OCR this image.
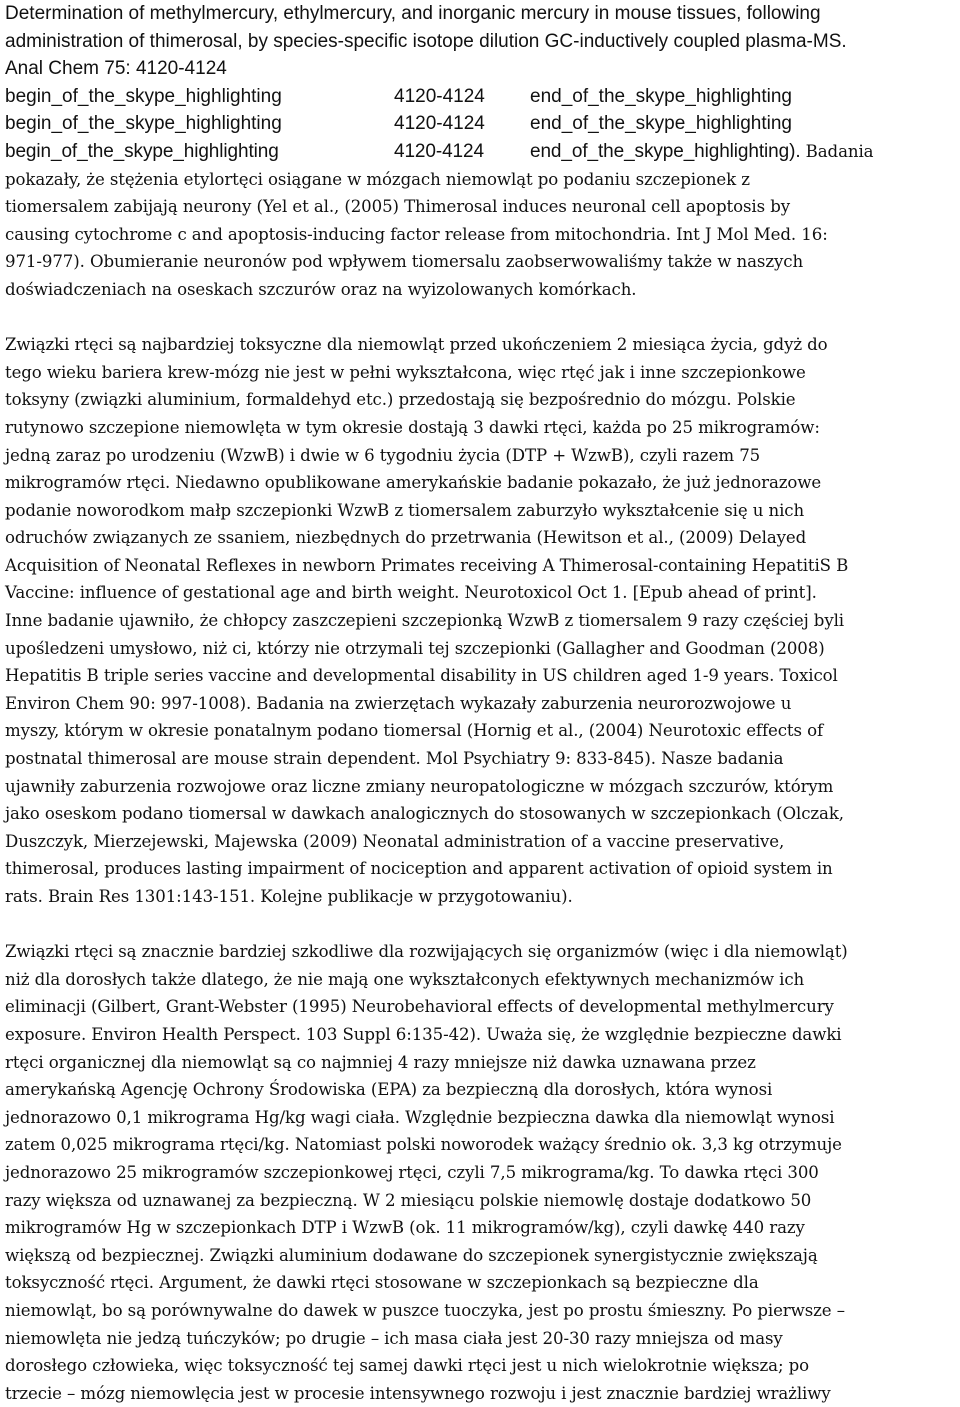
Determination of methylmercury, ethylmercury, and inorganic mercury in mouse tissues, following
administration of thimerosal, by species-specific isotope dilution GC-inductively coupled plasma-MS.
Anal Chem 75: 4120-4124
begin_of_the_skype_highlighting	4120-4124 end_of_the_skype_highlighting
begin_of_the_skype_highlighting	4120-4124 end_of_the_skype_highlighting
begin_of_the_skype_highlighting	4120-4124 end_of_the_skype_highlighting). Badania
pokazały, że stężenia etylortęci osiągane w mózgach niemowląt po podaniu szczepionek z
tiomersalem zabijają neurony (Yel et al., (2005) Thimerosal induces neuronal cell apoptosis by
causing cytochrome c and apoptosis-inducing factor release from mitochondria. Int J Mol Med. 16:
971-977). Obumieranie neuronów pod wpływem tiomersalu zaobserwowaliśmy także w naszych
doświadczeniach na oseskach szczurów oraz na wyizolowanych komórkach.
Związki rtęci są najbardziej toksyczne dla niemowląt przed ukończeniem 2 miesiąca życia, gdyż do
tego wieku bariera krew-mózg nie jest w pełni wykształcona, więc rtęć jak i inne szczepionkowe
toksyny (związki aluminium, formaldehyd etc.) przedostają się bezpośrednio do mózgu. Polskie
rutynowo szczepione niemowlęta w tym okresie dostają 3 dawki rtęci, każda po 25 mikrogramów:
jedną zaraz po urodzeniu (WzwB) i dwie w 6 tygodniu życia (DTP + WzwB), czyli razem 75
mikrogramów rtęci. Niedawno opublikowane amerykańskie badanie pokazało, że już jednorazowe
podanie noworodkom małp szczepionki WzwB z tiomersalem zaburzyło wykształcenie się u nich
odruchów związanych ze ssaniem, niezbędnych do przetrwania (Hewitson et al., (2009) Delayed
Acquisition of Neonatal Reflexes in newborn Primates receiving A Thimerosal-containing HepatitiS B
Vaccine: influence of gestational age and birth weight. Neurotoxicol Oct 1. [Epub ahead of print].
Inne badanie ujawniło, że chłopcy zaszczepieni szczepionką WzwB z tiomersalem 9 razy częściej byli
upośledzeni umysłowo, niż ci, którzy nie otrzymali tej szczepionki (Gallagher and Goodman (2008)
Hepatitis B triple series vaccine and developmental disability in US children aged 1-9 years. Toxicol
Environ Chem 90: 997-1008). Badania na zwierzętach wykazały zaburzenia neurorozwojowe u
myszy, którym w okresie ponatalnym podano tiomersal (Hornig et al., (2004) Neurotoxic effects of
postnatal thimerosal are mouse strain dependent. Mol Psychiatry 9: 833-845). Nasze badania
ujawniły zaburzenia rozwojowe oraz liczne zmiany neuropatologiczne w mózgach szczurów, którym
jako oseskom podano tiomersal w dawkach analogicznych do stosowanych w szczepionkach (Olczak,
Duszczyk, Mierzejewski, Majewska (2009) Neonatal administration of a vaccine preservative,
thimerosal, produces lasting impairment of nociception and apparent activation of opioid system in
rats. Brain Res 1301:143-151. Kolejne publikacje w przygotowaniu).
Związki rtęci są znacznie bardziej szkodliwe dla rozwijających się organizmów (więc i dla niemowląt)
niż dla dorosłych także dlatego, że nie mają one wykształconych efektywnych mechanizmów ich
eliminacji (Gilbert, Grant-Webster (1995) Neurobehavioral effects of developmental methylmercury
exposure. Environ Health Perspect. 103 Suppl 6:135-42). Uważa się, że względnie bezpieczne dawki
rtęci organicznej dla niemowląt są co najmniej 4 razy mniejsze niż dawka uznawana przez
amerykańską Agencję Ochrony Środowiska (EPA) za bezpieczną dla dorosłych, która wynosi
jednorazowo 0,1 mikrograma Hg/kg wagi ciała. Względnie bezpieczna dawka dla niemowląt wynosi
zatem 0,025 mikrograma rtęci/kg. Natomiast polski noworodek ważący średnio ok. 3,3 kg otrzymuje
jednorazowo 25 mikrogramów szczepionkowej rtęci, czyli 7,5 mikrograma/kg. To dawka rtęci 300
razy większa od uznawanej za bezpieczną. W 2 miesiącu polskie niemowlę dostaje dodatkowo 50
mikrogramów Hg w szczepionkach DTP i WzwB (ok. 11 mikrogramów/kg), czyli dawkę 440 razy
większą od bezpiecznej. Związki aluminium dodawane do szczepionek synergistycznie zwiększają
toksyczność rtęci. Argument, że dawki rtęci stosowane w szczepionkach są bezpieczne dla
niemowląt, bo są porównywalne do dawek w puszce tuoczyka, jest po prostu śmieszny. Po pierwsze –
niemowlęta nie jedzą tuńczyków; po drugie – ich masa ciała jest 20-30 razy mniejsza od masy
dorosłego człowieka, więc toksyczność tej samej dawki rtęci jest u nich wielokrotnie większa; po
trzecie – mózg niemowlęcia jest w procesie intensywnego rozwoju i jest znacznie bardziej wrażliwy
